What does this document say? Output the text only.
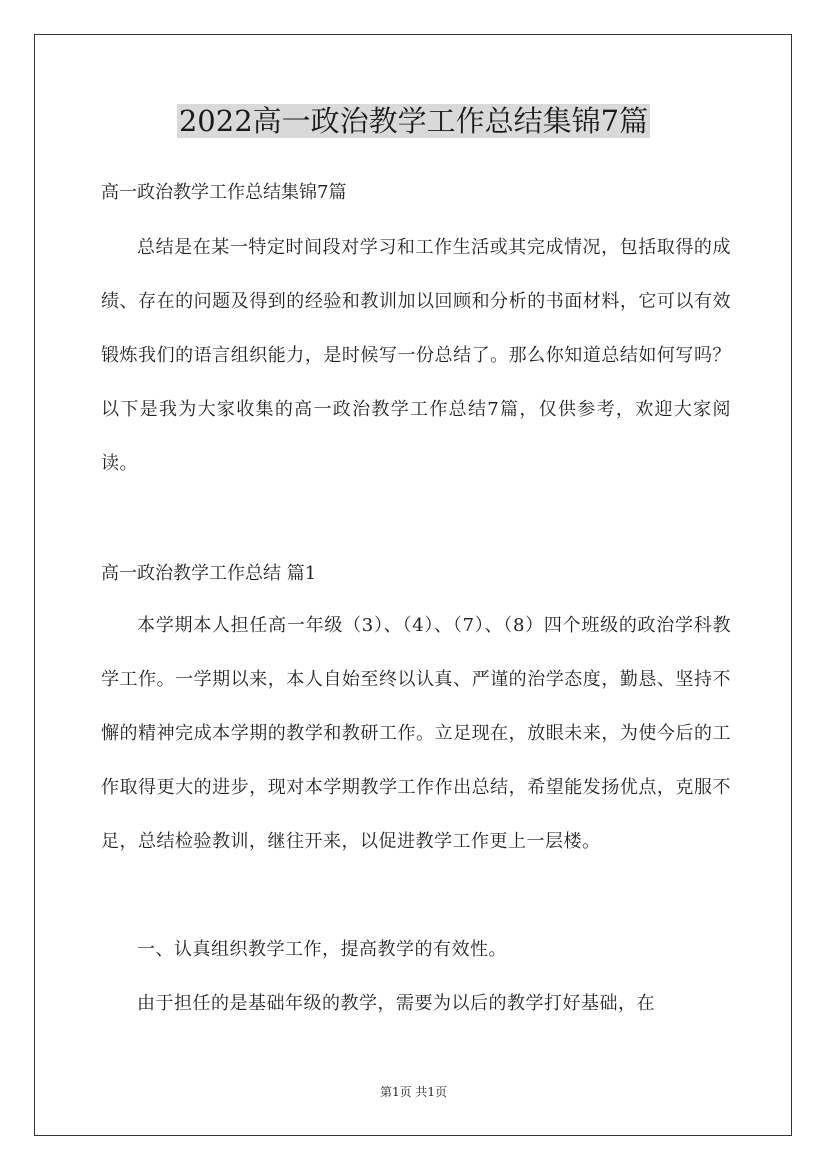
2022高一政治教学工作总结集锦7篇
高一政治教学工作总结集锦7篇
总结是在某一特定时间段对学习和工作生活或其完成情况，包括取得的成绩、存在的问题及得到的经验和教训加以回顾和分析的书面材料，它可以有效锻炼我们的语言组织能力，是时候写一份总结了。那么你知道总结如何写吗？以下是我为大家收集的高一政治教学工作总结7篇，仅供参考，欢迎大家阅读。
高一政治教学工作总结 篇1
本学期本人担任高一年级（3）、（4）、（7）、（8）四个班级的政治学科教学工作。一学期以来，本人自始至终以认真、严谨的治学态度，勤恳、坚持不懈的精神完成本学期的教学和教研工作。立足现在，放眼未来，为使今后的工作取得更大的进步，现对本学期教学工作作出总结，希望能发扬优点，克服不足，总结检验教训，继往开来，以促进教学工作更上一层楼。
一、认真组织教学工作，提高教学的有效性。
由于担任的是基础年级的教学，需要为以后的教学打好基础，在
第1页 共1页
